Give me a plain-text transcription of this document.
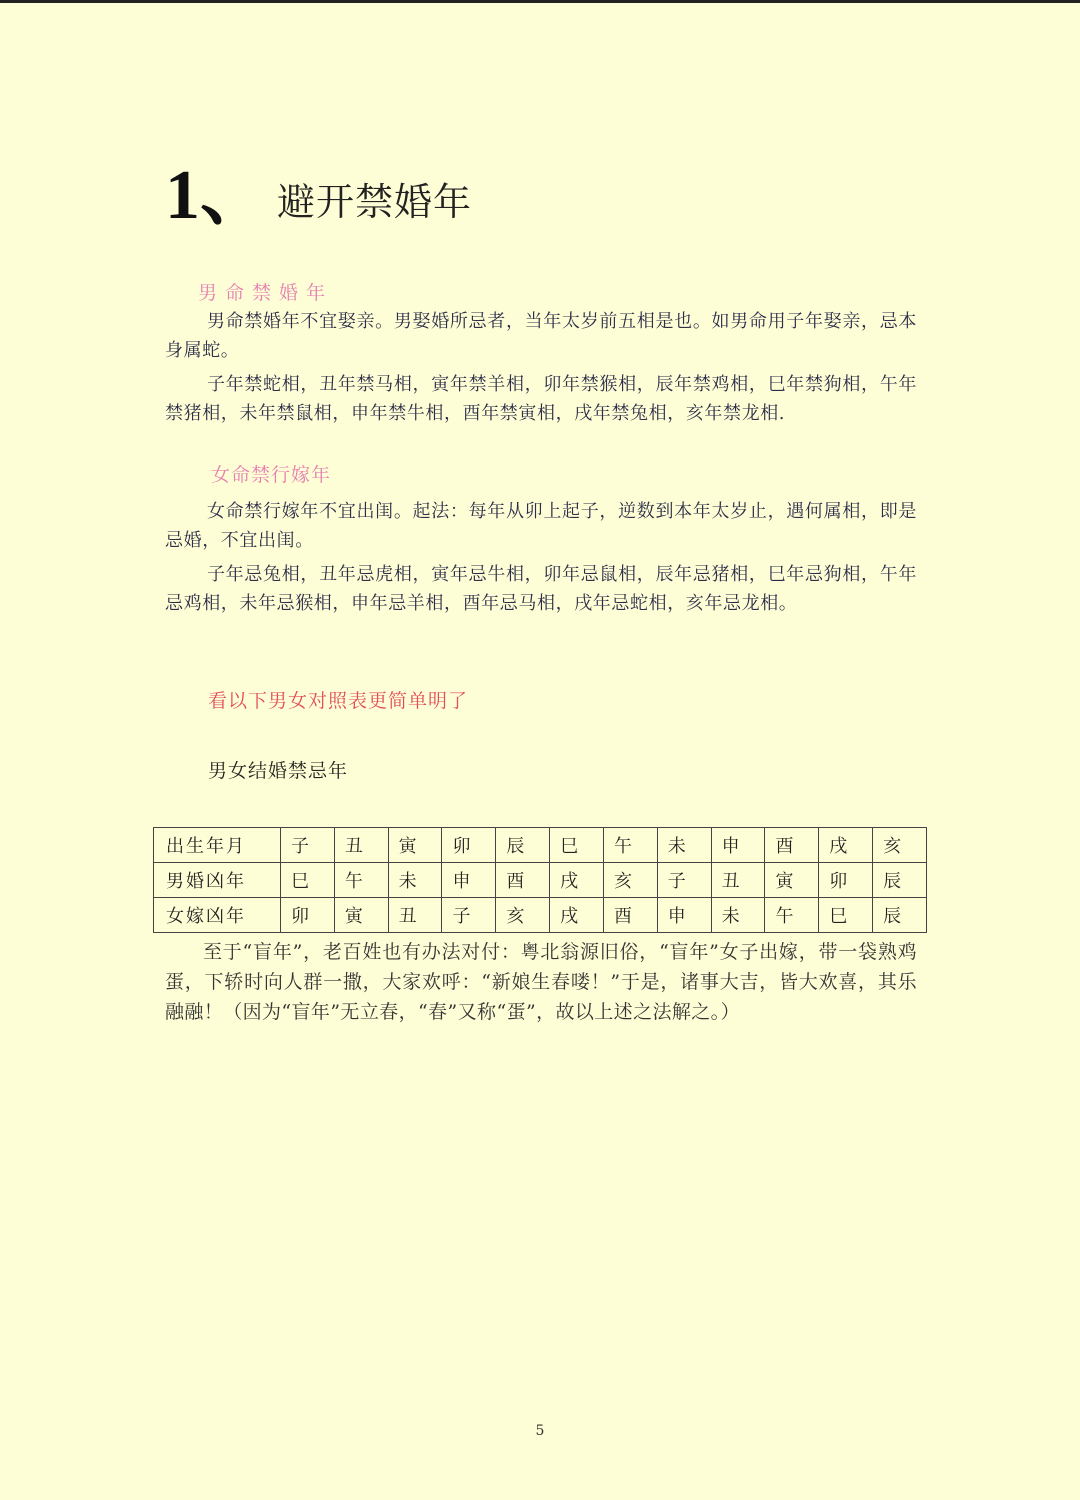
1、 避开禁婚年
男命禁婚年

男命禁婚年不宜娶亲。男娶婚所忌者，当年太岁前五相是也。如男命用子年娶亲，忌本身属蛇。

子年禁蛇相，丑年禁马相，寅年禁羊相，卯年禁猴相，辰年禁鸡相，巳年禁狗相，午年禁猪相，未年禁鼠相，申年禁牛相，酉年禁寅相，戌年禁兔相，亥年禁龙相.

女命禁行嫁年

女命禁行嫁年不宜出闺。起法：每年从卯上起子，逆数到本年太岁止，遇何属相，即是忌婚，不宜出闺。

子年忌兔相，丑年忌虎相，寅年忌牛相，卯年忌鼠相，辰年忌猪相，巳年忌狗相，午年忌鸡相，未年忌猴相，申年忌羊相，酉年忌马相，戌年忌蛇相，亥年忌龙相。

看以下男女对照表更简单明了
男女结婚禁忌年
出生年月	子	丑	寅	卯	辰	巳	午	未	申	酉	戌	亥
男婚凶年	巳	午	未	申	酉	戌	亥	子	丑	寅	卯	辰
女嫁凶年	卯	寅	丑	子	亥	戌	酉	申	未	午	巳	辰

至于“盲年”，老百姓也有办法对付：粤北翁源旧俗，“盲年”女子出嫁，带一袋熟鸡蛋，下轿时向人群一撒，大家欢呼：“新娘生春喽！”于是，诸事大吉，皆大欢喜，其乐融融！（因为“盲年”无立春，“春”又称“蛋”，故以上述之法解之。）

5
